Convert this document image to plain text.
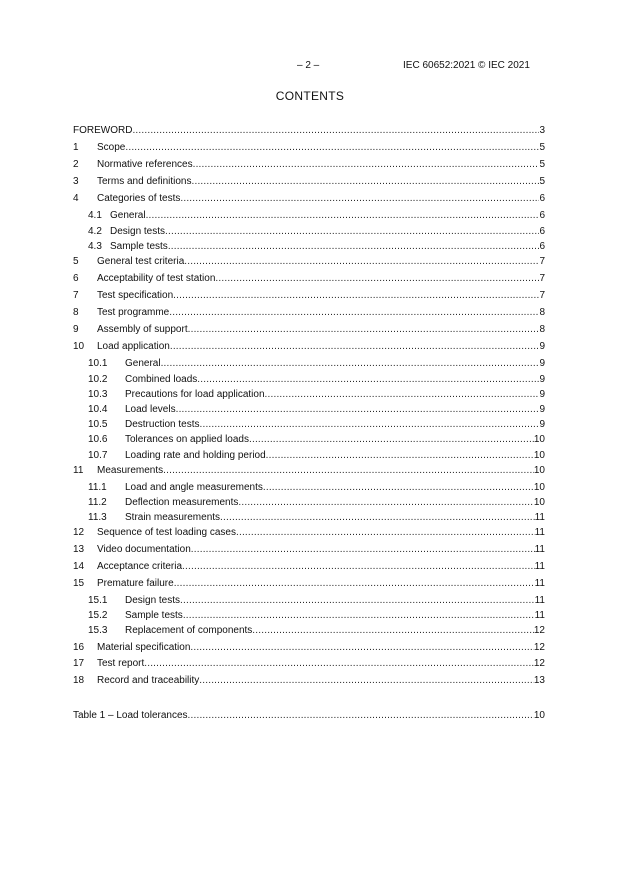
– 2 –	IEC 60652:2021 © IEC 2021
CONTENTS
FOREWORD .....	3
1	Scope .....	5
2	Normative references .....	5
3	Terms and definitions .....	5
4	Categories of tests .....	6
4.1 General .....	6
4.2 Design tests .....	6
4.3 Sample tests .....	6
5	General test criteria .....	7
6	Acceptability of test station .....	7
7	Test specification .....	7
8	Test programme .....	8
9	Assembly of support .....	8
10	Load application .....	9
10.1	General .....	9
10.2	Combined loads .....	9
10.3	Precautions for load application .....	9
10.4	Load levels .....	9
10.5	Destruction tests .....	9
10.6	Tolerances on applied loads .....	10
10.7	Loading rate and holding period .....	10
11	Measurements .....	10
11.1	Load and angle measurements .....	10
11.2	Deflection measurements .....	10
11.3	Strain measurements .....	11
12	Sequence of test loading cases .....	11
13	Video documentation .....	11
14	Acceptance criteria .....	11
15	Premature failure .....	11
15.1	Design tests .....	11
15.2	Sample tests .....	11
15.3	Replacement of components .....	12
16	Material specification .....	12
17	Test report .....	12
18	Record and traceability .....	13
Table 1 – Load tolerances .....	10
